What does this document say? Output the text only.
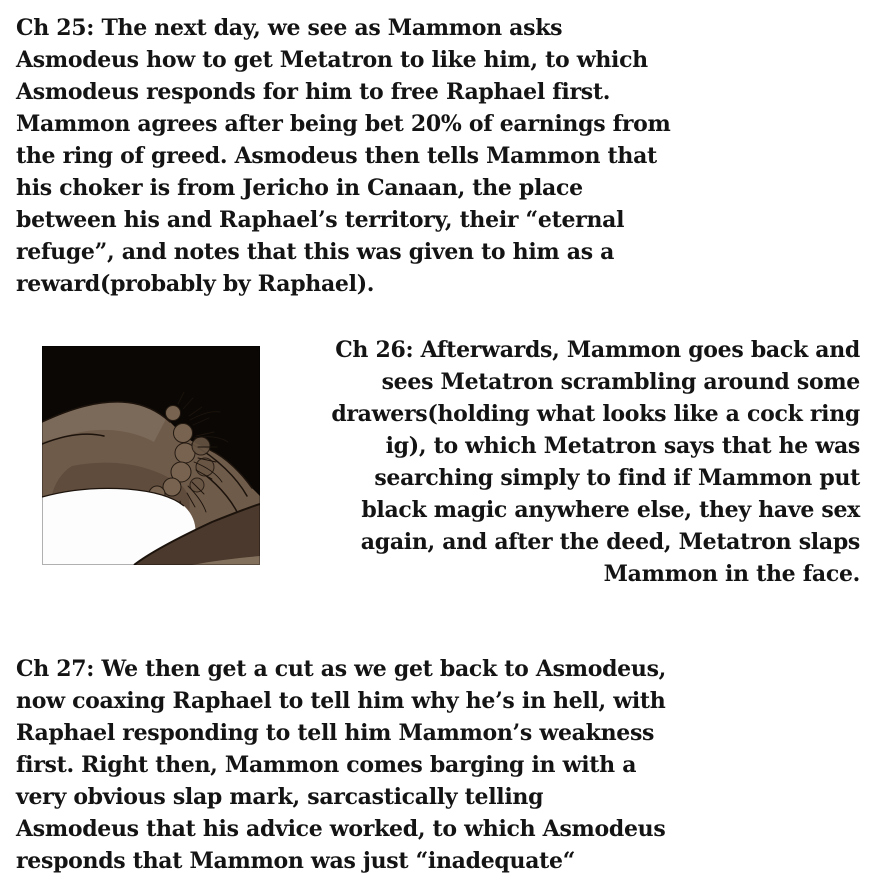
Ch 25: The next day, we see as Mammon asks
Asmodeus how to get Metatron to like him, to which
Asmodeus responds for him to free Raphael first.
Mammon agrees after being bet 20% of earnings from
the ring of greed. Asmodeus then tells Mammon that
his choker is from Jericho in Canaan, the place
between his and Raphael’s territory, their “eternal
refuge”, and notes that this was given to him as a
reward(probably by Raphael).
Ch 26: Afterwards, Mammon goes back and
sees Metatron scrambling around some
drawers(holding what looks like a cock ring
ig), to which Metatron says that he was
searching simply to find if Mammon put
black magic anywhere else, they have sex
again, and after the deed, Metatron slaps
Mammon in the face.
Ch 27: We then get a cut as we get back to Asmodeus,
now coaxing Raphael to tell him why he’s in hell, with
Raphael responding to tell him Mammon’s weakness
first. Right then, Mammon comes barging in with a
very obvious slap mark, sarcastically telling
Asmodeus that his advice worked, to which Asmodeus
responds that Mammon was just “inadequate“
